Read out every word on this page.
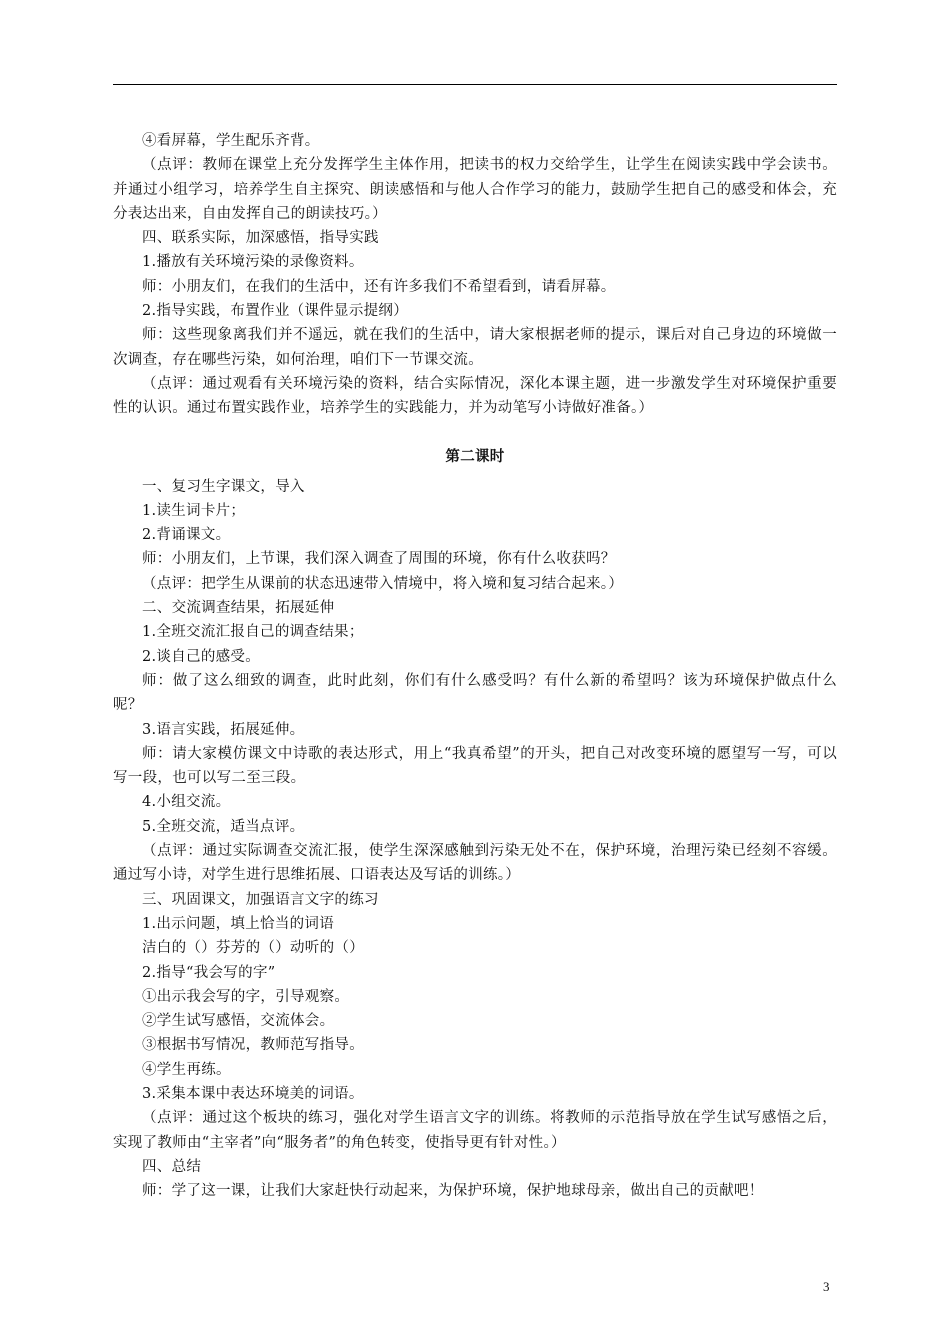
④看屏幕，学生配乐齐背。

（点评：教师在课堂上充分发挥学生主体作用，把读书的权力交给学生，让学生在阅读实践中学会读书。并通过小组学习，培养学生自主探究、朗读感悟和与他人合作学习的能力，鼓励学生把自己的感受和体会，充分表达出来，自由发挥自己的朗读技巧。）

四、联系实际，加深感悟，指导实践

1.播放有关环境污染的录像资料。

师：小朋友们，在我们的生活中，还有许多我们不希望看到，请看屏幕。

2.指导实践，布置作业（课件显示提纲）

师：这些现象离我们并不遥远，就在我们的生活中，请大家根据老师的提示，课后对自己身边的环境做一次调查，存在哪些污染，如何治理，咱们下一节课交流。

（点评：通过观看有关环境污染的资料，结合实际情况，深化本课主题，进一步激发学生对环境保护重要性的认识。通过布置实践作业，培养学生的实践能力，并为动笔写小诗做好准备。）

第二课时

一、复习生字课文，导入

1.读生词卡片；

2.背诵课文。

师：小朋友们，上节课，我们深入调查了周围的环境，你有什么收获吗？

（点评：把学生从课前的状态迅速带入情境中，将入境和复习结合起来。）

二、交流调查结果，拓展延伸

1.全班交流汇报自己的调查结果；

2.谈自己的感受。

师：做了这么细致的调查，此时此刻，你们有什么感受吗？有什么新的希望吗？该为环境保护做点什么呢？

3.语言实践，拓展延伸。

师：请大家模仿课文中诗歌的表达形式，用上“我真希望”的开头，把自己对改变环境的愿望写一写，可以写一段，也可以写二至三段。

4.小组交流。

5.全班交流，适当点评。

（点评：通过实际调查交流汇报，使学生深深感触到污染无处不在，保护环境，治理污染已经刻不容缓。通过写小诗，对学生进行思维拓展、口语表达及写话的训练。）

三、巩固课文，加强语言文字的练习

1.出示问题，填上恰当的词语

洁白的（）芬芳的（）动听的（）

2.指导“我会写的字”

①出示我会写的字，引导观察。

②学生试写感悟，交流体会。

③根据书写情况，教师范写指导。

④学生再练。

3.采集本课中表达环境美的词语。

（点评：通过这个板块的练习，强化对学生语言文字的训练。将教师的示范指导放在学生试写感悟之后，实现了教师由“主宰者”向“服务者”的角色转变，使指导更有针对性。）

四、总结

师：学了这一课，让我们大家赶快行动起来，为保护环境，保护地球母亲，做出自己的贡献吧！

3
